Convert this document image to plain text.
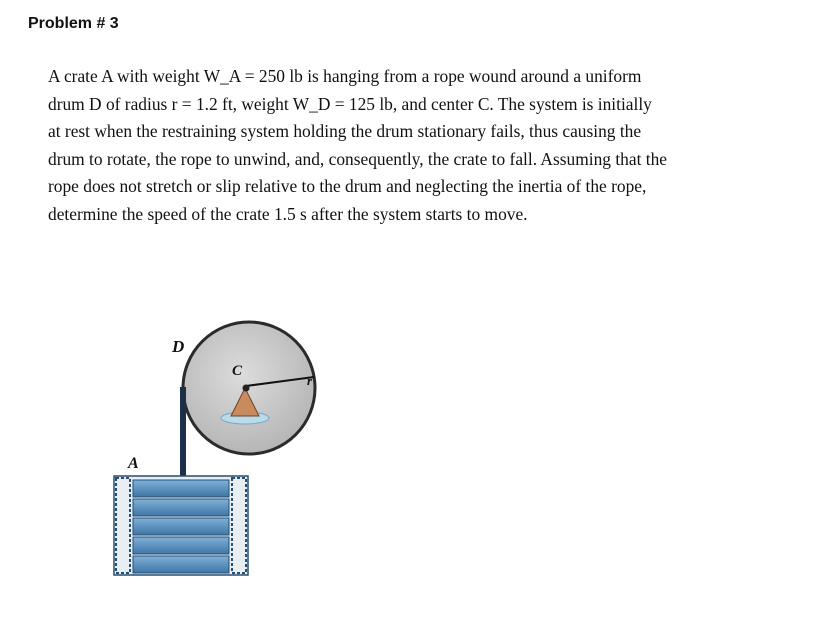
Problem # 3
A crate A with weight W_A = 250 lb is hanging from a rope wound around a uniform
drum D of radius r = 1.2 ft, weight W_D = 125 lb, and center C. The system is initially
at rest when the restraining system holding the drum stationary fails, thus causing the
drum to rotate, the rope to unwind, and, consequently, the crate to fall. Assuming that the
rope does not stretch or slip relative to the drum and neglecting the inertia of the rope,
determine the speed of the crate 1.5 s after the system starts to move.
D
C
r
A
